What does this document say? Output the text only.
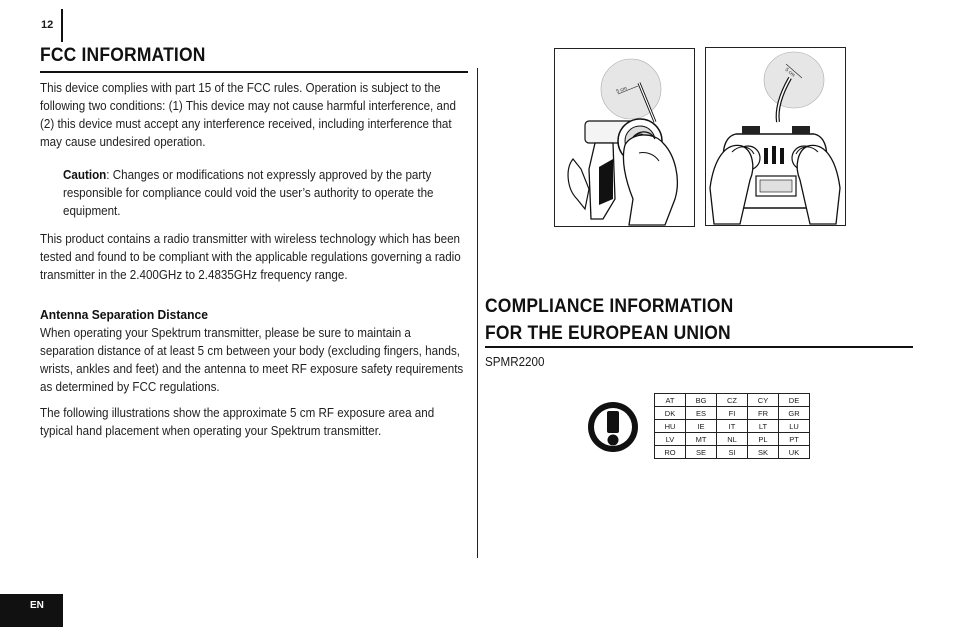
12
FCC INFORMATION

This device complies with part 15 of the FCC rules. Operation is subject to the following two conditions: (1) This device may not cause harmful interference, and (2) this device must accept any interference received, including interference that may cause undesired operation.

Caution: Changes or modifications not expressly approved by the party responsible for compliance could void the user’s authority to operate the equipment.

This product contains a radio transmitter with wireless technology which has been tested and found to be compliant with the applicable regulations governing a radio transmitter in the 2.400GHz to 2.4835GHz frequency range.

Antenna Separation Distance

When operating your Spektrum transmitter, please be sure to maintain a separation distance of at least 5 cm between your body (excluding fingers, hands, wrists, ankles and feet) and the antenna to meet RF exposure safety requirements as determined by FCC regulations.

The following illustrations show the approximate 5 cm RF exposure area and typical hand placement when operating your Spektrum transmitter.

5 cm
5 cm
COMPLIANCE INFORMATION
FOR THE EUROPEAN UNION
SPMR2200
AT	BG	CZ	CY	DE
DK	ES	FI	FR	GR
HU	IE	IT	LT	LU
LV	MT	NL	PL	PT
RO	SE	SI	SK	UK
EN
